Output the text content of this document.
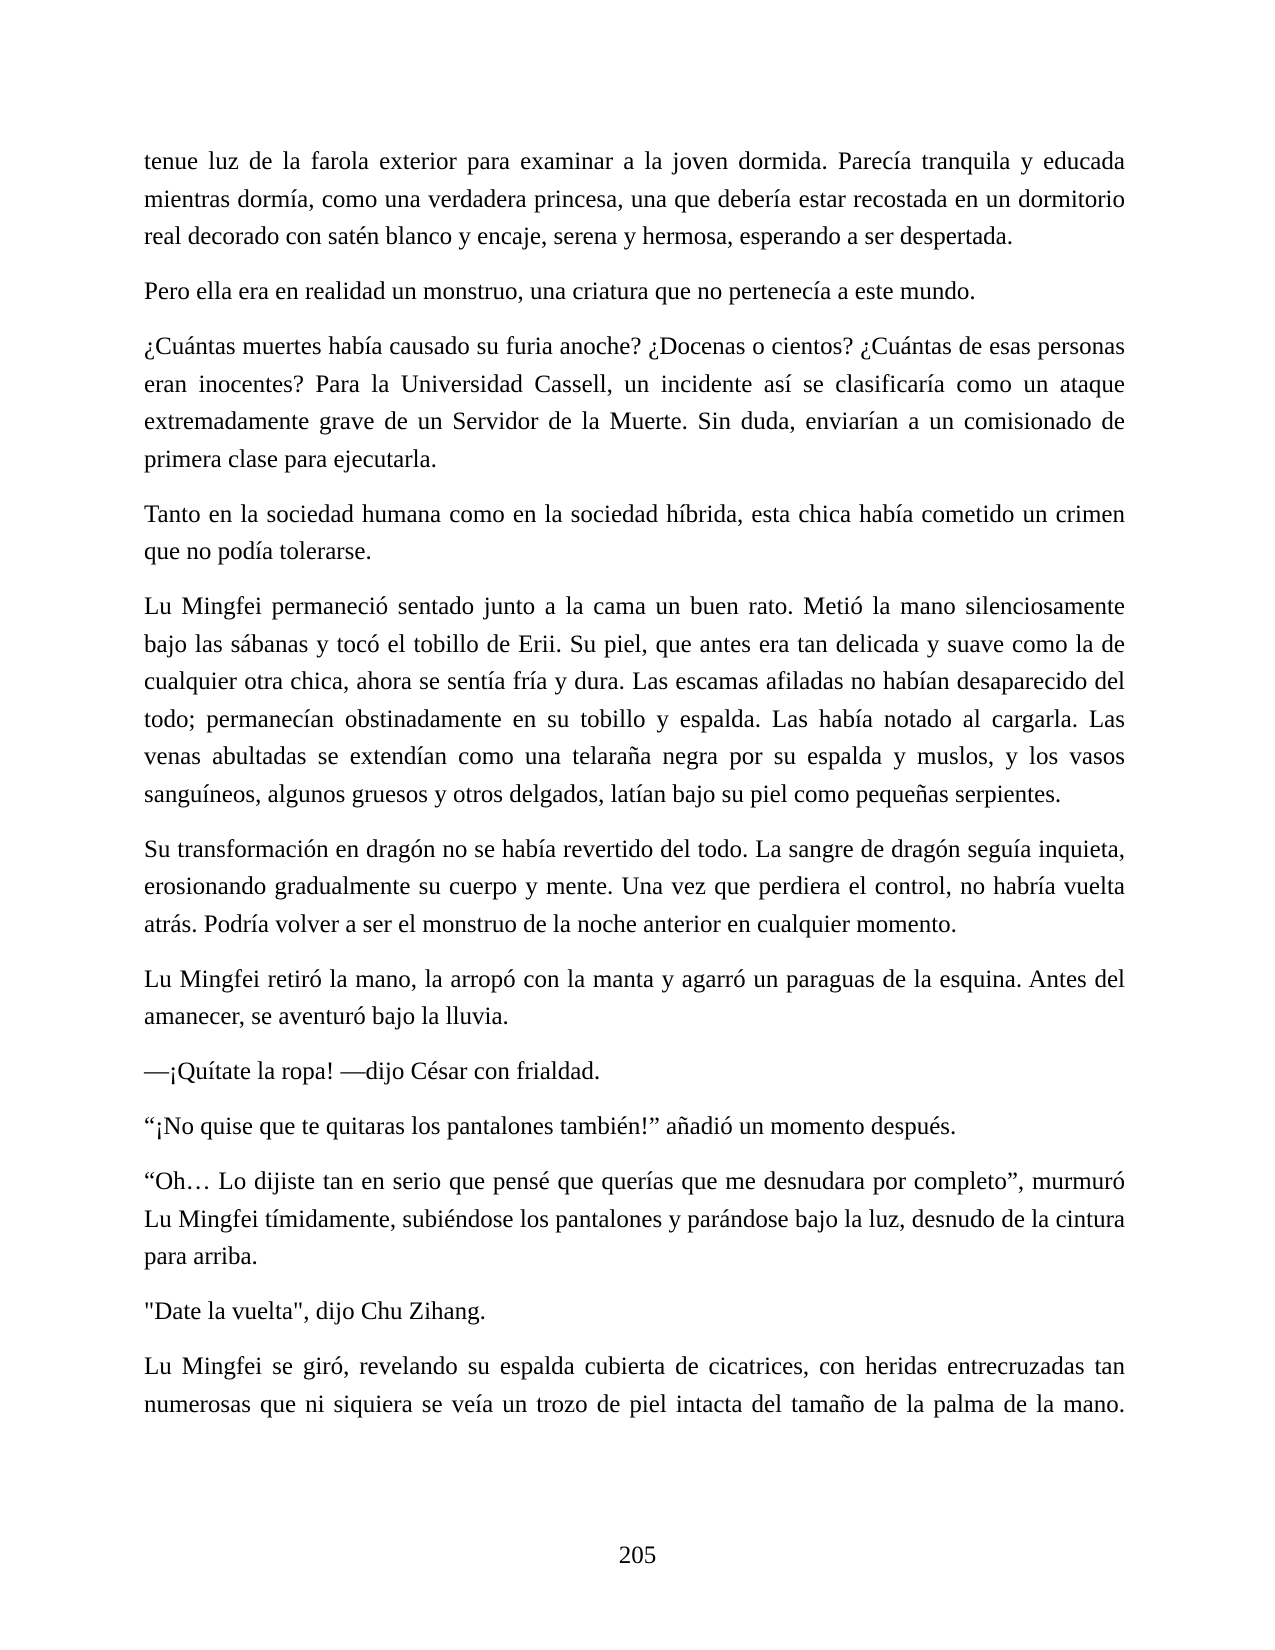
tenue luz de la farola exterior para examinar a la joven dormida. Parecía tranquila y educada mientras dormía, como una verdadera princesa, una que debería estar recostada en un dormitorio real decorado con satén blanco y encaje, serena y hermosa, esperando a ser despertada.

Pero ella era en realidad un monstruo, una criatura que no pertenecía a este mundo.

¿Cuántas muertes había causado su furia anoche? ¿Docenas o cientos? ¿Cuántas de esas personas eran inocentes? Para la Universidad Cassell, un incidente así se clasificaría como un ataque extremadamente grave de un Servidor de la Muerte. Sin duda, enviarían a un comisionado de primera clase para ejecutarla.

Tanto en la sociedad humana como en la sociedad híbrida, esta chica había cometido un crimen que no podía tolerarse.

Lu Mingfei permaneció sentado junto a la cama un buen rato. Metió la mano silenciosamente bajo las sábanas y tocó el tobillo de Erii. Su piel, que antes era tan delicada y suave como la de cualquier otra chica, ahora se sentía fría y dura. Las escamas afiladas no habían desaparecido del todo; permanecían obstinadamente en su tobillo y espalda. Las había notado al cargarla. Las venas abultadas se extendían como una telaraña negra por su espalda y muslos, y los vasos sanguíneos, algunos gruesos y otros delgados, latían bajo su piel como pequeñas serpientes.

Su transformación en dragón no se había revertido del todo. La sangre de dragón seguía inquieta, erosionando gradualmente su cuerpo y mente. Una vez que perdiera el control, no habría vuelta atrás. Podría volver a ser el monstruo de la noche anterior en cualquier momento.

Lu Mingfei retiró la mano, la arropó con la manta y agarró un paraguas de la esquina. Antes del amanecer, se aventuró bajo la lluvia.

—¡Quítate la ropa! —dijo César con frialdad.

“¡No quise que te quitaras los pantalones también!” añadió un momento después.

“Oh… Lo dijiste tan en serio que pensé que querías que me desnudara por completo”, murmuró Lu Mingfei tímidamente, subiéndose los pantalones y parándose bajo la luz, desnudo de la cintura para arriba.

"Date la vuelta", dijo Chu Zihang.

Lu Mingfei se giró, revelando su espalda cubierta de cicatrices, con heridas entrecruzadas tan numerosas que ni siquiera se veía un trozo de piel intacta del tamaño de la palma de la mano.

205
